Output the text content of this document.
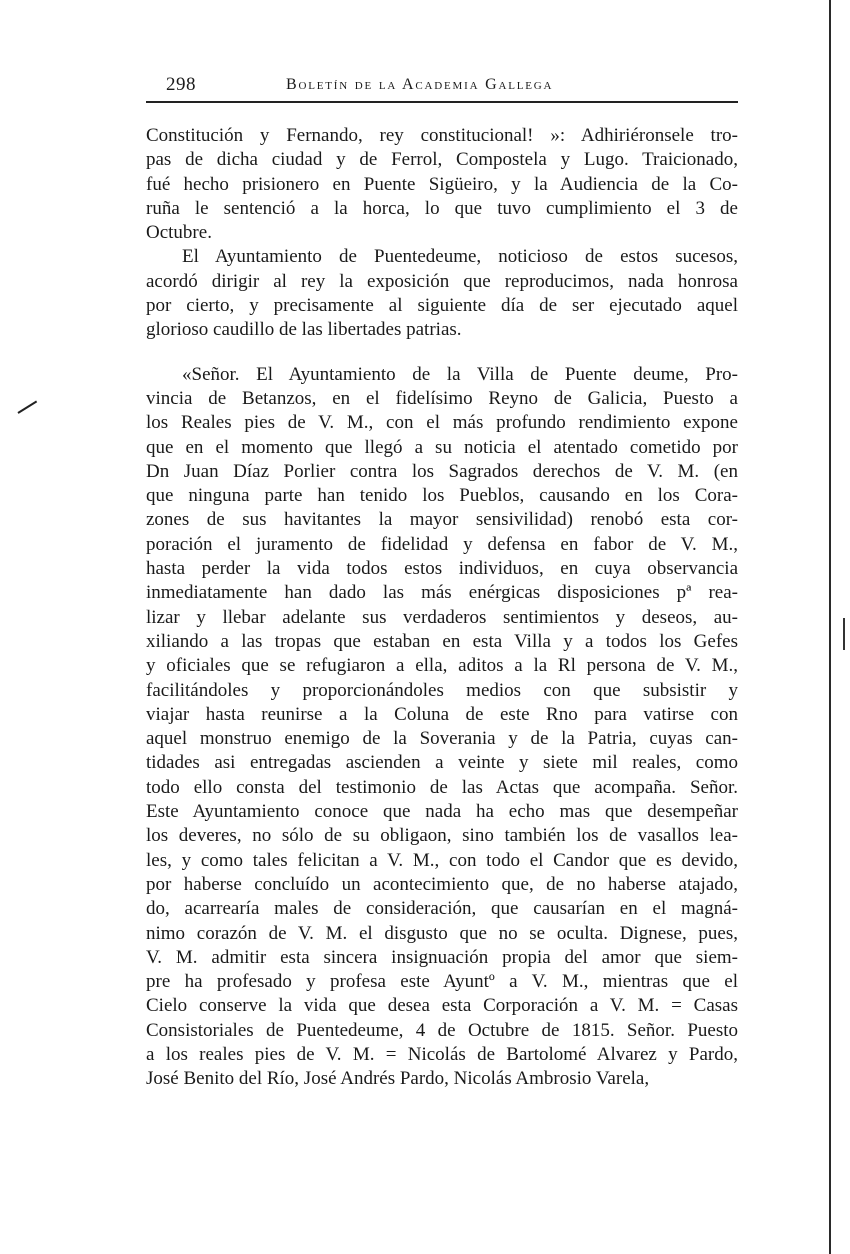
298	Boletín de la Academia Gallega
Constitución y Fernando, rey constitucional! »: Adhiriéronsele tro-
pas de dicha ciudad y de Ferrol, Compostela y Lugo. Traicionado,
fué hecho prisionero en Puente Sigüeiro, y la Audiencia de la Co-
ruña le sentenció a la horca, lo que tuvo cumplimiento el 3 de
Octubre.
El Ayuntamiento de Puentedeume, noticioso de estos sucesos,
acordó dirigir al rey la exposición que reproducimos, nada honrosa
por cierto, y precisamente al siguiente día de ser ejecutado aquel
glorioso caudillo de las libertades patrias.
«Señor. El Ayuntamiento de la Villa de Puente deume, Pro-
vincia de Betanzos, en el fidelísimo Reyno de Galicia, Puesto a
los Reales pies de V. M., con el más profundo rendimiento expone
que en el momento que llegó a su noticia el atentado cometido por
Dn Juan Díaz Porlier contra los Sagrados derechos de V. M. (en
que ninguna parte han tenido los Pueblos, causando en los Cora-
zones de sus havitantes la mayor sensivilidad) renobó esta cor-
poración el juramento de fidelidad y defensa en fabor de V. M.,
hasta perder la vida todos estos individuos, en cuya observancia
inmediatamente han dado las más enérgicas disposiciones pª rea-
lizar y llebar adelante sus verdaderos sentimientos y deseos, au-
xiliando a las tropas que estaban en esta Villa y a todos los Gefes
y oficiales que se refugiaron a ella, aditos a la Rl persona de V. M.,
facilitándoles y proporcionándoles medios con que subsistir y
viajar hasta reunirse a la Coluna de este Rno para vatirse con
aquel monstruo enemigo de la Soverania y de la Patria, cuyas can-
tidades asi entregadas ascienden a veinte y siete mil reales, como
todo ello consta del testimonio de las Actas que acompaña. Señor.
Este Ayuntamiento conoce que nada ha echo mas que desempeñar
los deveres, no sólo de su obligaon, sino también los de vasallos lea-
les, y como tales felicitan a V. M., con todo el Candor que es devido,
por haberse concluído un acontecimiento que, de no haberse atajado,
do, acarrearía males de consideración, que causarían en el magná-
nimo corazón de V. M. el disgusto que no se oculta. Dignese, pues,
V. M. admitir esta sincera insignuación propia del amor que siem-
pre ha profesado y profesa este Ayuntº a V. M., mientras que el
Cielo conserve la vida que desea esta Corporación a V. M. = Casas
Consistoriales de Puentedeume, 4 de Octubre de 1815. Señor. Puesto
a los reales pies de V. M. = Nicolás de Bartolomé Alvarez y Pardo,
José Benito del Río, José Andrés Pardo, Nicolás Ambrosio Varela,
